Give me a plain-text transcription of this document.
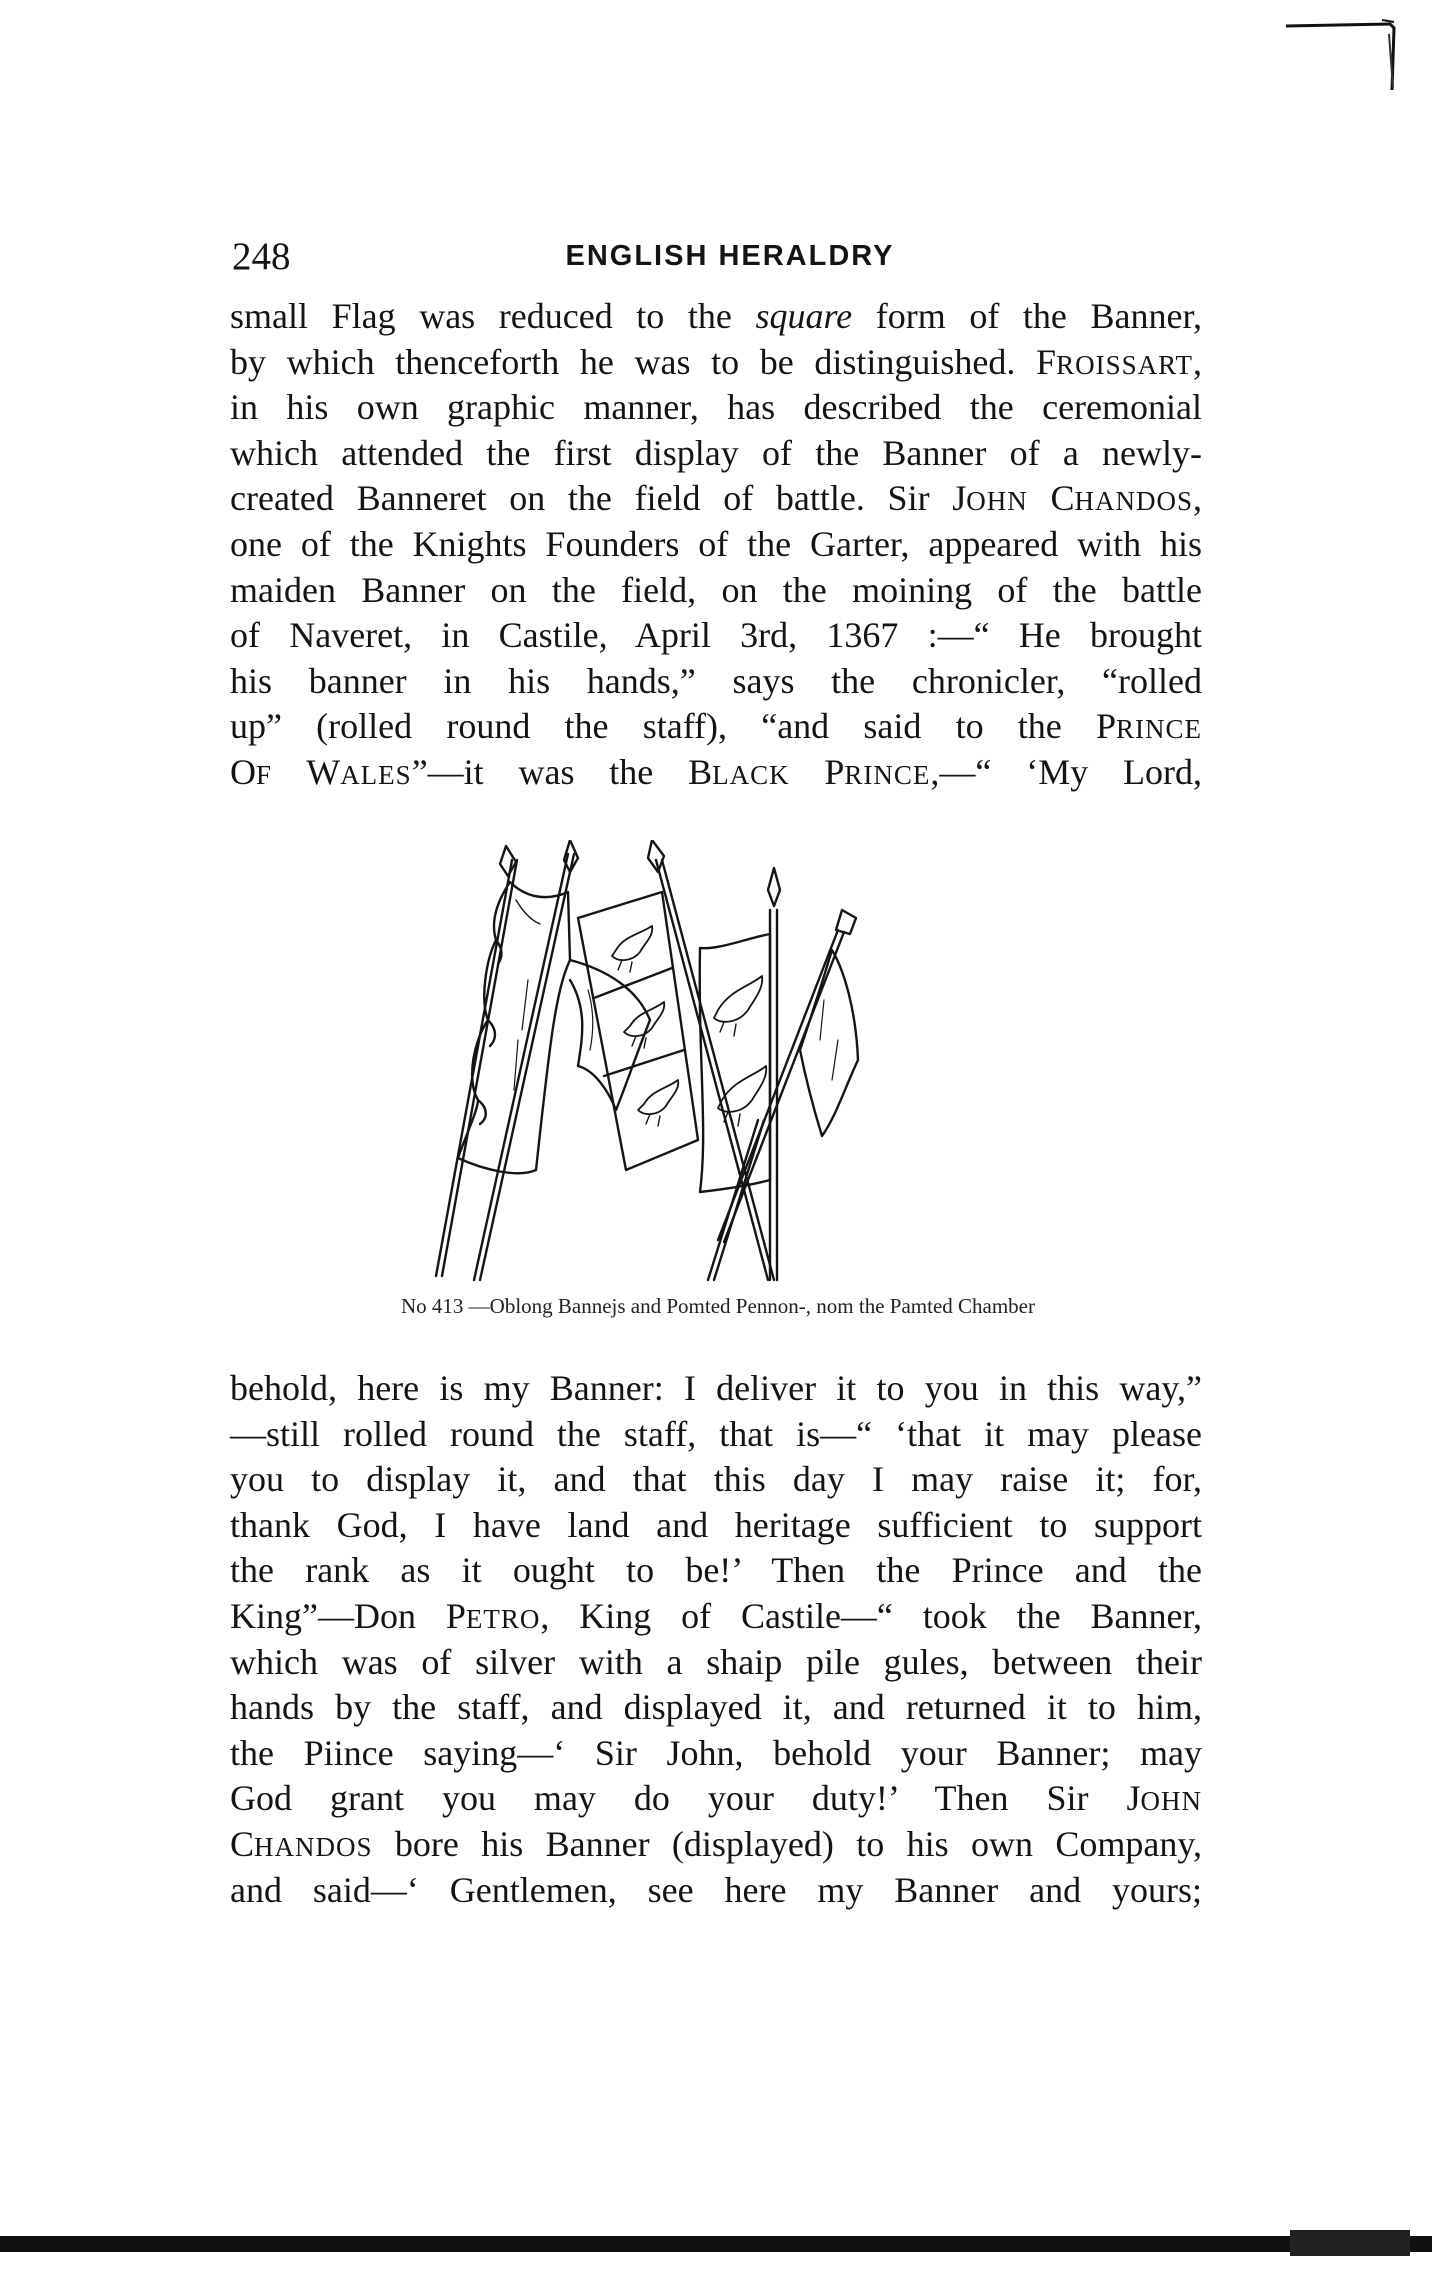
248	ENGLISH HERALDRY
small Flag was reduced to the square form of the Banner,
by which thenceforth he was to be distinguished. FROISSART,
in his own graphic manner, has described the ceremonial
which attended the first display of the Banner of a newly-
created Banneret on the field of battle. Sir JOHN CHANDOS,
one of the Knights Founders of the Garter, appeared with his
maiden Banner on the field, on the moining of the battle
of Naveret, in Castile, April 3rd, 1367 :—“ He brought
his banner in his hands,” says the chronicler, “rolled
up” (rolled round the staff), “and said to the PRINCE
OF WALES”—it was the BLACK PRINCE,—“ ‘My Lord,
No 413 —Oblong Bannejs and Pomted Pennon-, nom the Pamted Chamber
behold, here is my Banner: I deliver it to you in this way,”
—still rolled round the staff, that is—“ ‘that it may please
you to display it, and that this day I may raise it; for,
thank God, I have land and heritage sufficient to support
the rank as it ought to be!’ Then the Prince and the
King”—Don PETRO, King of Castile—“ took the Banner,
which was of silver with a shaip pile gules, between their
hands by the staff, and displayed it, and returned it to him,
the Piince saying—‘ Sir John, behold your Banner; may
God grant you may do your duty!’ Then Sir JOHN
CHANDOS bore his Banner (displayed) to his own Company,
and said—‘ Gentlemen, see here my Banner and yours;
